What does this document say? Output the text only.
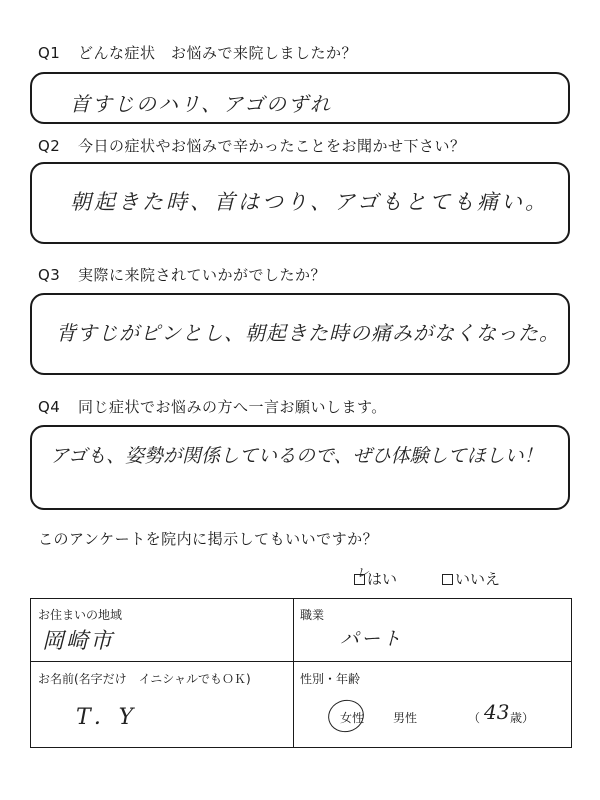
Q1 どんな症状　お悩みで来院しましたか？
首すじのハリ、アゴのずれ
Q2 今日の症状やお悩みで辛かったことをお聞かせ下さい？
朝起きた時、首はつり、アゴもとても痛い。
Q3 実際に来院されていかがでしたか？
背すじがピンとし、朝起きた時の痛みがなくなった。
Q4 同じ症状でお悩みの方へ一言お願いします。
アゴも、姿勢が関係しているので、ぜひ体験してほしい！
このアンケートを院内に掲示してもいいですか？
はい
レ	いいえ
お住まいの地域
岡崎市
職業
パート
お名前(名字だけ　イニシャルでもＯＫ)
T．Y
性別・年齢
女性 男性	（ 43 歳）
